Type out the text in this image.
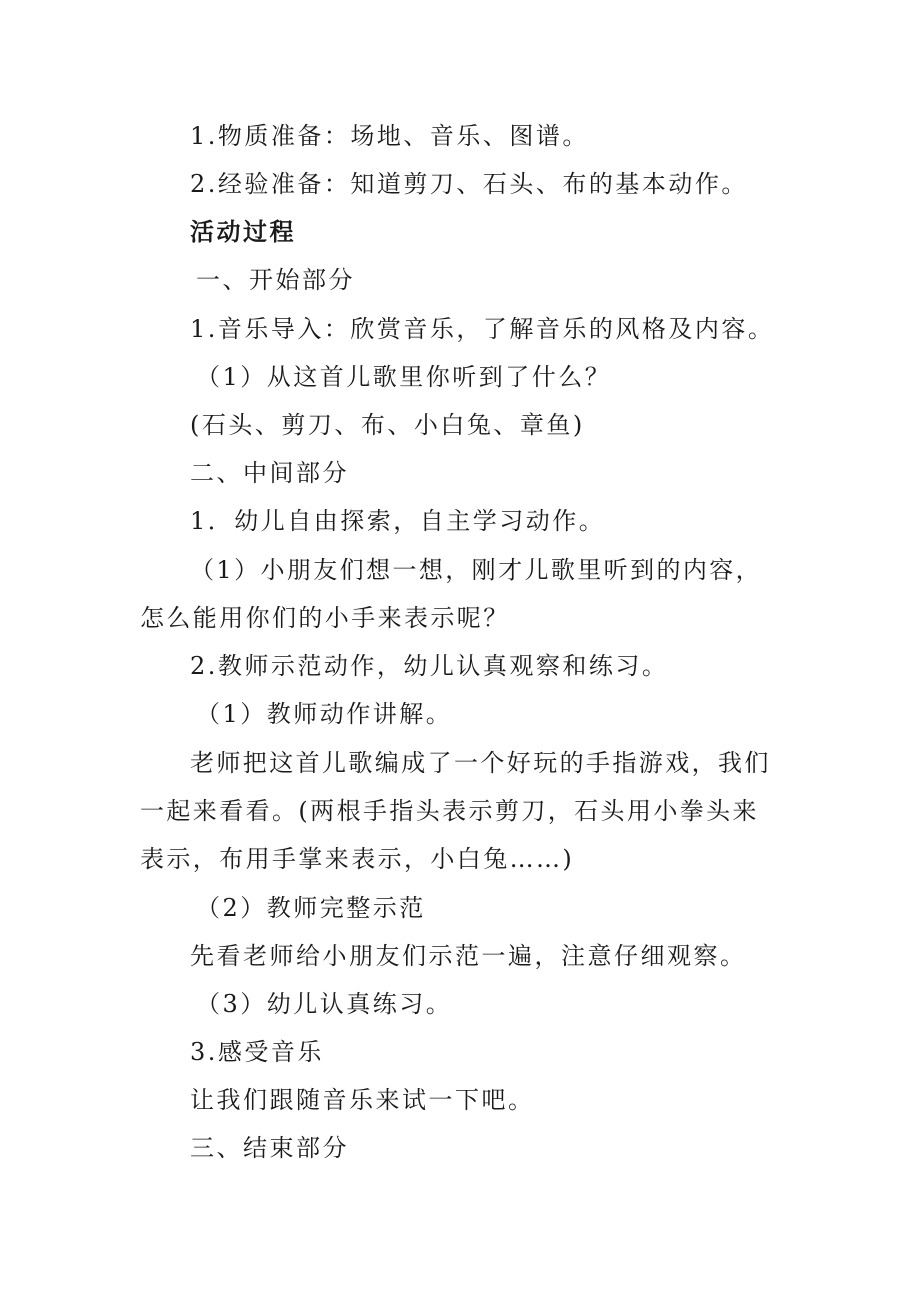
1.物质准备：场地、音乐、图谱。
2.经验准备：知道剪刀、石头、布的基本动作。
活动过程
一、开始部分
1.音乐导入：欣赏音乐，了解音乐的风格及内容。
（1）从这首儿歌里你听到了什么？
(石头、剪刀、布、小白兔、章鱼)
二、中间部分
1．幼儿自由探索，自主学习动作。
（1）小朋友们想一想，刚才儿歌里听到的内容，怎么能用你们的小手来表示呢？
2.教师示范动作，幼儿认真观察和练习。
（1）教师动作讲解。
老师把这首儿歌编成了一个好玩的手指游戏，我们一起来看看。(两根手指头表示剪刀，石头用小拳头来表示，布用手掌来表示，小白兔……)
（2）教师完整示范
先看老师给小朋友们示范一遍，注意仔细观察。
（3）幼儿认真练习。
3.感受音乐
让我们跟随音乐来试一下吧。
三、结束部分
